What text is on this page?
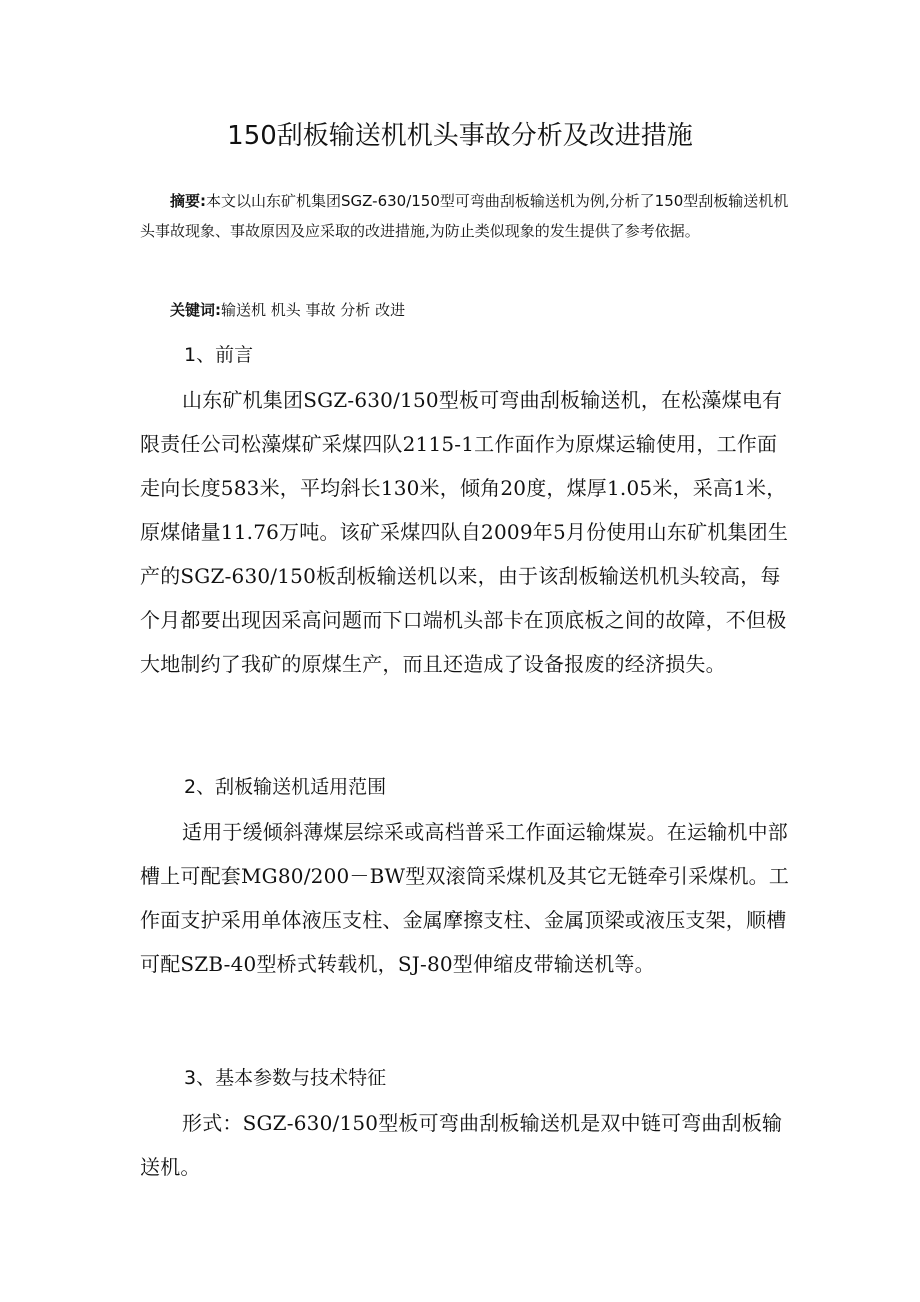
150刮板输送机机头事故分析及改进措施

摘要:本文以山东矿机集团SGZ-630/150型可弯曲刮板输送机为例,分析了150型刮板输送机机头事故现象、事故原因及应采取的改进措施,为防止类似现象的发生提供了参考依据。

关键词:输送机 机头 事故 分析 改进

1、前言

山东矿机集团SGZ-630/150型板可弯曲刮板输送机，在松藻煤电有限责任公司松藻煤矿采煤四队2115-1工作面作为原煤运输使用，工作面走向长度583米，平均斜长130米，倾角20度，煤厚1.05米，采高1米，原煤储量11.76万吨。该矿采煤四队自2009年5月份使用山东矿机集团生产的SGZ-630/150板刮板输送机以来，由于该刮板输送机机头较高，每个月都要出现因采高问题而下口端机头部卡在顶底板之间的故障，不但极大地制约了我矿的原煤生产，而且还造成了设备报废的经济损失。

2、刮板输送机适用范围

适用于缓倾斜薄煤层综采或高档普采工作面运输煤炭。在运输机中部槽上可配套MG80/200－BW型双滚筒采煤机及其它无链牵引采煤机。工作面支护采用单体液压支柱、金属摩擦支柱、金属顶梁或液压支架，顺槽可配SZB-40型桥式转载机，SJ-80型伸缩皮带输送机等。

3、基本参数与技术特征

形式：SGZ-630/150型板可弯曲刮板输送机是双中链可弯曲刮板输送机。
